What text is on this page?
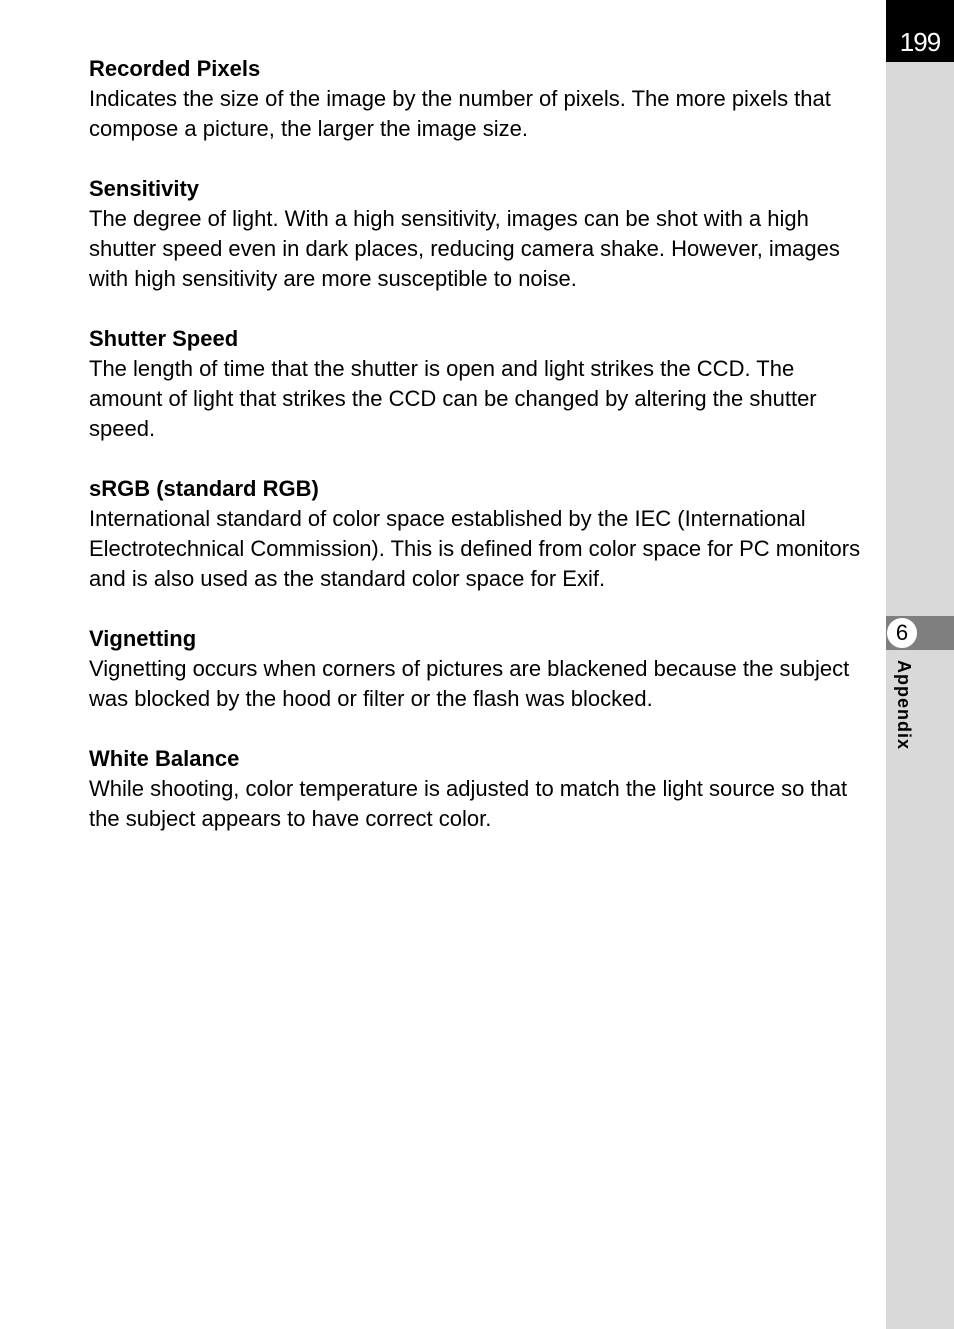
199
6
Appendix
Recorded Pixels
Indicates the size of the image by the number of pixels. The more pixels that compose a picture, the larger the image size.
Sensitivity
The degree of light. With a high sensitivity, images can be shot with a high shutter speed even in dark places, reducing camera shake. However, images with high sensitivity are more susceptible to noise.
Shutter Speed
The length of time that the shutter is open and light strikes the CCD. The amount of light that strikes the CCD can be changed by altering the shutter speed.
sRGB (standard RGB)
International standard of color space established by the IEC (International Electrotechnical Commission). This is defined from color space for PC monitors and is also used as the standard color space for Exif.
Vignetting
Vignetting occurs when corners of pictures are blackened because the subject was blocked by the hood or filter or the flash was blocked.
White Balance
While shooting, color temperature is adjusted to match the light source so that the subject appears to have correct color.
